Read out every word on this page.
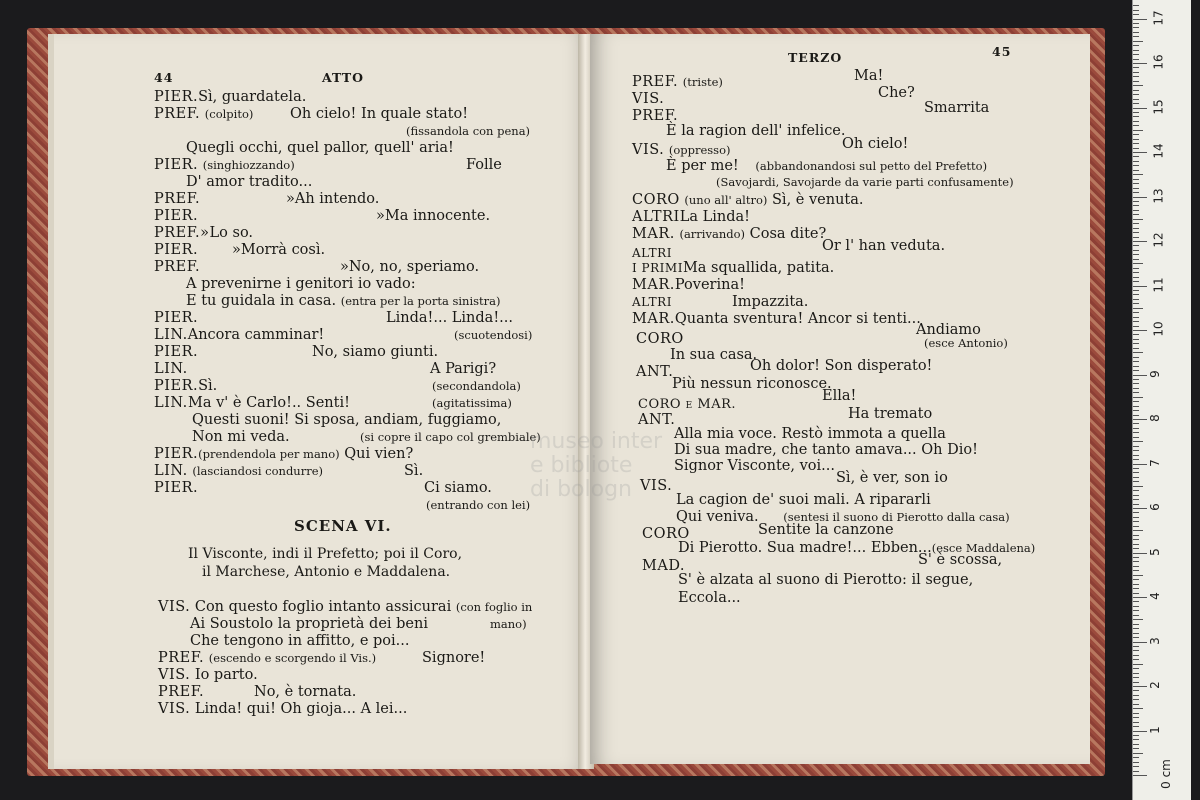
44	ATTO
PIER.Sì, guardatela.
PREF. (colpito)	Oh cielo! In quale stato!
(fissandola con pena)
Quegli occhi, quel pallor, quell' aria!
PIER. (singhiozzando)	Folle
D' amor tradito...
PREF.	»Ah intendo.
PIER.	»Ma innocente.
PREF.»Lo so.
PIER. »Morrà così.
PREF.	»No, no, speriamo.
A prevenirne i genitori io vado:
E tu guidala in casa. (entra per la porta sinistra)
PIER.	Linda!... Linda!...
LIN.Ancora camminar!	(scuotendosi)
PIER.	No, siamo giunti.
LIN.	A Parigi?
PIER.Sì.	(secondandola)
LIN. Ma v' è Carlo!.. Senti!	(agitatissima)
Questi suoni! Si sposa, andiam, fuggiamo,
Non mi veda.	(si copre il capo col grembiale)
PIER.(prendendola per mano) Qui vien?
LIN. (lasciandosi condurre)	Sì.
PIER.	Ci siamo.
(entrando con lei)
SCENA VI.
Il Visconte, indi il Prefetto; poi il Coro,
il Marchese, Antonio e Maddalena.
VIS. Con questo foglio intanto assicurai (con foglio in
Ai Soustolo la proprietà dei beni	mano)
Che tengono in affitto, e poi...
PREF. (escendo e scorgendo il Vis.)	Signore!
VIS. Io parto.
PREF.	No, è tornata.
VIS. Linda! qui! Oh gioja... A lei...
TERZO	45
PREF. (triste)	Ma!
VIS.	Che?
PREF.	Smarrita
È la ragion dell' infelice.
VIS. (oppresso)	Oh cielo!
È per me! (abbandonandosi sul petto del Prefetto)
(Savojardi, Savojarde da varie parti confusamente)
CORO (uno all' altro) Sì, è venuta.
ALTRILa Linda!
MAR. (arrivando) Cosa dite?
Or l' han veduta.
ALTRI
I PRIMIMa squallida, patita.
MAR.Poverina!
ALTRI	Impazzita.
MAR.Quanta sventura! Ancor si tenti...
Andiamo
CORO	(esce Antonio)
In sua casa.
ANT.	Oh dolor! Son disperato!
Più nessun riconosce.
CORO e MAR.
Ella!
ANT.	Ha tremato
Alla mia voce. Restò immota a quella
Di sua madre, che tanto amava... Oh Dio!
Signor Visconte, voi...
VIS.	Sì, è ver, son io
La cagion de' suoi mali. A ripararli
Qui veniva. (sentesi il suono di Pierotto dalla casa)
CORO	Sentite la canzone
Di Pierotto. Sua madre!... Ebben...(esce Maddalena)
MAD.	S' è scossa,
S' è alzata al suono di Pierotto: il segue,
Eccola...
museo inter
e bibliote
di bologn
0 cm
1
2
3
4
5
6
7
8
9
10
11
12
13
14
15
16
17
